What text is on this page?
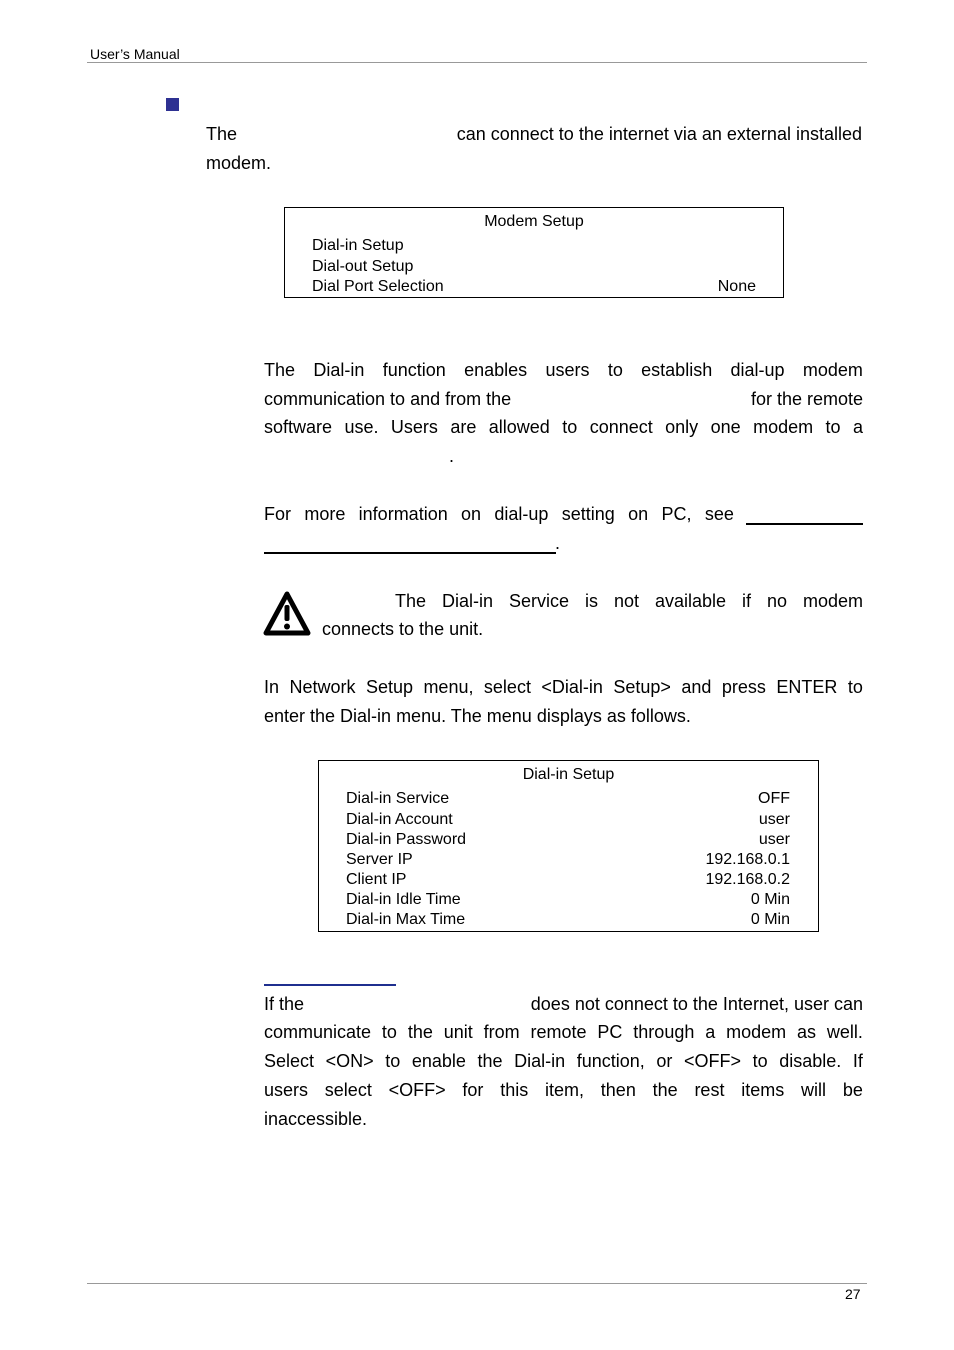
User’s Manual
The	can connect to the internet via an external installed
modem.
Modem Setup
Dial-in Setup
Dial-out Setup
Dial Port Selection	None
The Dial-in function enables users to establish dial-up modem
communication to and from the	for the remote
software use. Users are allowed to connect only one modem to a
.
For more information on dial-up setting on PC, see
.
The Dial-in Service is not available if no modem
connects to the unit.
In Network Setup menu, select <Dial-in Setup> and press ENTER to
enter the Dial-in menu. The menu displays as follows.
Dial-in Setup
Dial-in Service	OFF
Dial-in Account	user
Dial-in Password	user
Server IP	192.168.0.1
Client IP	192.168.0.2
Dial-in Idle Time	0 Min
Dial-in Max Time	0 Min
If the	does not connect to the Internet, user can
communicate to the unit from remote PC through a modem as well.
Select <ON> to enable the Dial-in function, or <OFF> to disable. If
users select <OFF> for this item, then the rest items will be
inaccessible.
27
